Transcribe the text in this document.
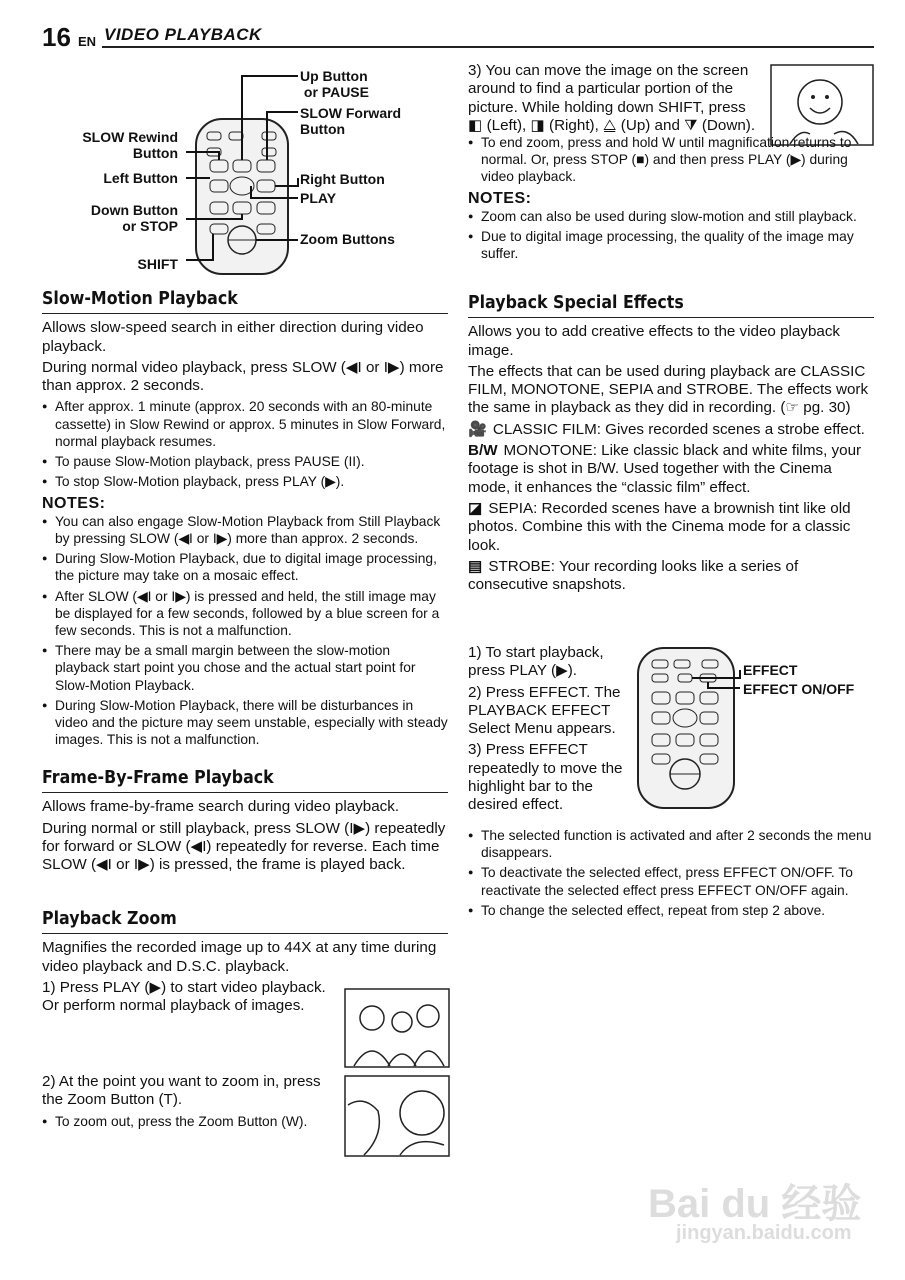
16 EN VIDEO PLAYBACK
Up Button
or PAUSE
SLOW Forward
Button
SLOW Rewind
Button
Left Button	Right Button
PLAY
Down Button
or STOP
Zoom Buttons
SHIFT
Slow-Motion Playback

Allows slow-speed search in either direction during video playback.

During normal video playback, press SLOW (◀I or I▶) more than approx. 2 seconds.

● After approx. 1 minute (approx. 20 seconds with an 80-minute cassette) in Slow Rewind or approx. 5 minutes in Slow Forward, normal playback resumes.

● To pause Slow-Motion playback, press PAUSE (II).

● To stop Slow-Motion playback, press PLAY (▶).

NOTES:

● You can also engage Slow-Motion Playback from Still Playback by pressing SLOW (◀I or I▶) more than approx. 2 seconds.

● During Slow-Motion Playback, due to digital image processing, the picture may take on a mosaic effect.

● After SLOW (◀I or I▶) is pressed and held, the still image may be displayed for a few seconds, followed by a blue screen for a few seconds. This is not a malfunction.

● There may be a small margin between the slow-motion playback start point you chose and the actual start point for Slow-Motion Playback.

● During Slow-Motion Playback, there will be disturbances in video and the picture may seem unstable, especially with steady images. This is not a malfunction.

Frame-By-Frame Playback

Allows frame-by-frame search during video playback.

During normal or still playback, press SLOW (I▶) repeatedly for forward or SLOW (◀I) repeatedly for reverse. Each time SLOW (◀I or I▶) is pressed, the frame is played back.

Playback Zoom

Magnifies the recorded image up to 44X at any time during video playback and D.S.C. playback.

1) Press PLAY (▶) to start video playback. Or perform normal playback of images.

2) At the point you want to zoom in, press the Zoom Button (T).

● To zoom out, press the Zoom Button (W).

3) You can move the image on the screen around to find a particular portion of the picture. While holding down SHIFT, press ◧ (Left), ◨ (Right), ⧋ (Up) and ⧩ (Down).

● To end zoom, press and hold W until magnification returns to normal. Or, press STOP (■) and then press PLAY (▶) during video playback.

NOTES:

● Zoom can also be used during slow-motion and still playback.

● Due to digital image processing, the quality of the image may suffer.

Playback Special Effects

Allows you to add creative effects to the video playback image.

The effects that can be used during playback are CLASSIC FILM, MONOTONE, SEPIA and STROBE. The effects work the same in playback as they did in recording. (☞ pg. 30)

🎥 CLASSIC FILM: Gives recorded scenes a strobe effect.

B/W MONOTONE: Like classic black and white films, your footage is shot in B/W. Used together with the Cinema mode, it enhances the “classic film” effect.

◪ SEPIA: Recorded scenes have a brownish tint like old photos. Combine this with the Cinema mode for a classic look.

▤ STROBE: Your recording looks like a series of consecutive snapshots.

1) To start playback, press PLAY (▶).

2) Press EFFECT. The PLAYBACK EFFECT Select Menu appears.

3) Press EFFECT repeatedly to move the highlight bar to the desired effect.

EFFECT
EFFECT ON/OFF

● The selected function is activated and after 2 seconds the menu disappears.

● To deactivate the selected effect, press EFFECT ON/OFF. To reactivate the selected effect press EFFECT ON/OFF again.

● To change the selected effect, repeat from step 2 above.

Bai du 经验
jingyan.baidu.com
